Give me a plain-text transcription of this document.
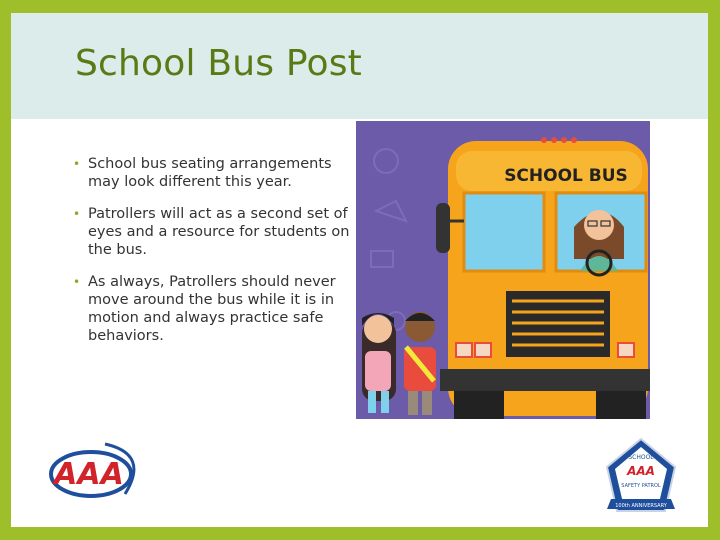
School Bus Post
• School bus seating arrangements may look different this year.
• Patrollers will act as a second set of eyes and a resource for students on the bus.
• As always, Patrollers should never move around the bus while it is in motion and always practice safe behaviors.
SCHOOL BUS
AAA	SCHOOL
AAA
SAFETY PATROL
100th ANNIVERSARY
